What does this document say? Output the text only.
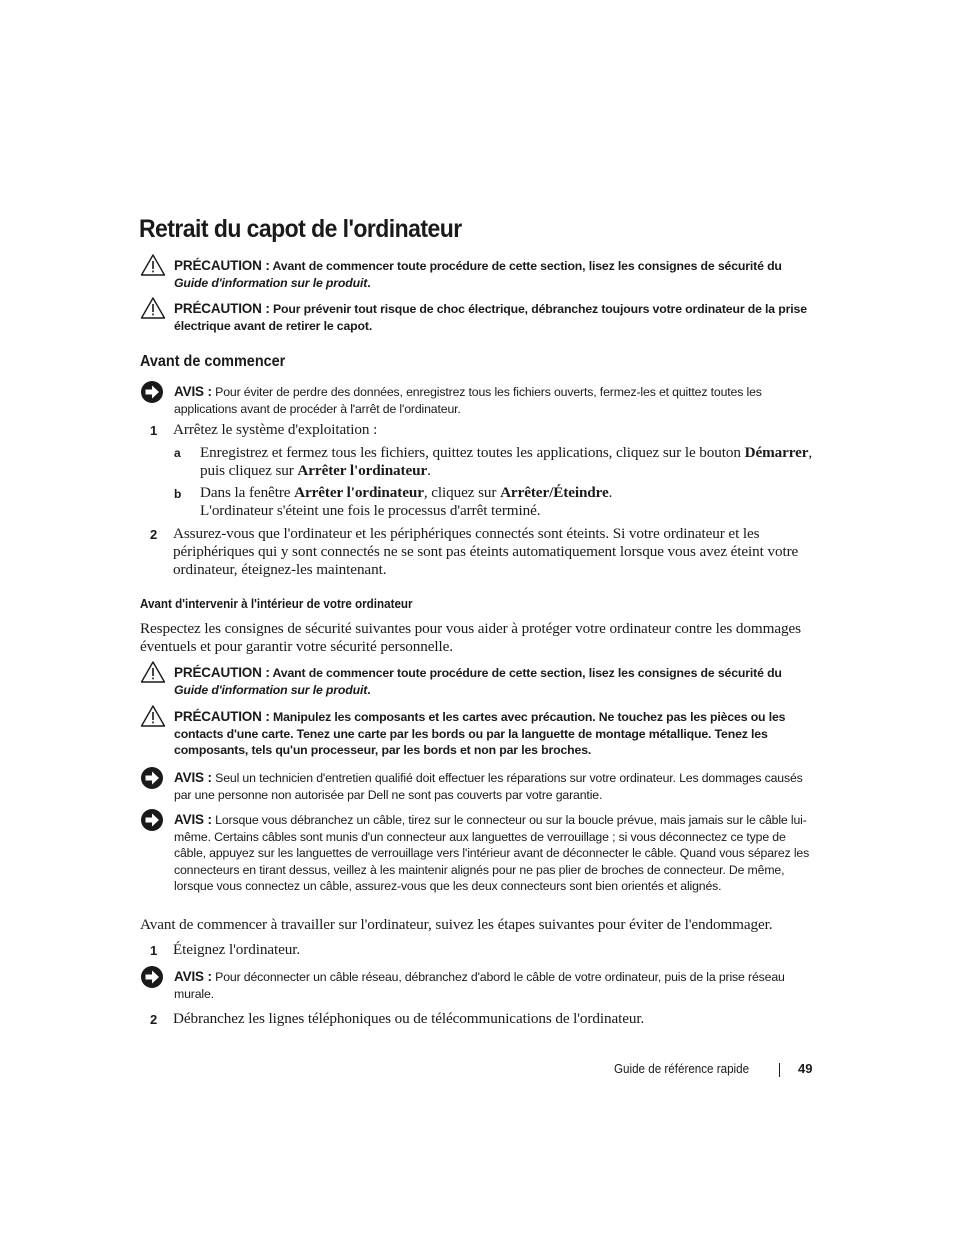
Retrait du capot de l'ordinateur
PRÉCAUTION : Avant de commencer toute procédure de cette section, lisez les consignes de sécurité du Guide d'information sur le produit.
PRÉCAUTION : Pour prévenir tout risque de choc électrique, débranchez toujours votre ordinateur de la prise électrique avant de retirer le capot.
Avant de commencer
AVIS : Pour éviter de perdre des données, enregistrez tous les fichiers ouverts, fermez-les et quittez toutes les applications avant de procéder à l'arrêt de l'ordinateur.
1 Arrêtez le système d'exploitation :
a Enregistrez et fermez tous les fichiers, quittez toutes les applications, cliquez sur le bouton Démarrer, puis cliquez sur Arrêter l'ordinateur.
b Dans la fenêtre Arrêter l'ordinateur, cliquez sur Arrêter/Éteindre.
L'ordinateur s'éteint une fois le processus d'arrêt terminé.
2 Assurez-vous que l'ordinateur et les périphériques connectés sont éteints. Si votre ordinateur et les périphériques qui y sont connectés ne se sont pas éteints automatiquement lorsque vous avez éteint votre ordinateur, éteignez-les maintenant.
Avant d'intervenir à l'intérieur de votre ordinateur
Respectez les consignes de sécurité suivantes pour vous aider à protéger votre ordinateur contre les dommages éventuels et pour garantir votre sécurité personnelle.
PRÉCAUTION : Avant de commencer toute procédure de cette section, lisez les consignes de sécurité du Guide d'information sur le produit.
PRÉCAUTION : Manipulez les composants et les cartes avec précaution. Ne touchez pas les pièces ou les contacts d'une carte. Tenez une carte par les bords ou par la languette de montage métallique. Tenez les composants, tels qu'un processeur, par les bords et non par les broches.
AVIS : Seul un technicien d'entretien qualifié doit effectuer les réparations sur votre ordinateur. Les dommages causés par une personne non autorisée par Dell ne sont pas couverts par votre garantie.
AVIS : Lorsque vous débranchez un câble, tirez sur le connecteur ou sur la boucle prévue, mais jamais sur le câble lui-même. Certains câbles sont munis d'un connecteur aux languettes de verrouillage ; si vous déconnectez ce type de câble, appuyez sur les languettes de verrouillage vers l'intérieur avant de déconnecter le câble. Quand vous séparez les connecteurs en tirant dessus, veillez à les maintenir alignés pour ne pas plier de broches de connecteur. De même, lorsque vous connectez un câble, assurez-vous que les deux connecteurs sont bien orientés et alignés.
Avant de commencer à travailler sur l'ordinateur, suivez les étapes suivantes pour éviter de l'endommager.
1 Éteignez l'ordinateur.
AVIS : Pour déconnecter un câble réseau, débranchez d'abord le câble de votre ordinateur, puis de la prise réseau murale.
2 Débranchez les lignes téléphoniques ou de télécommunications de l'ordinateur.
Guide de référence rapide	49
